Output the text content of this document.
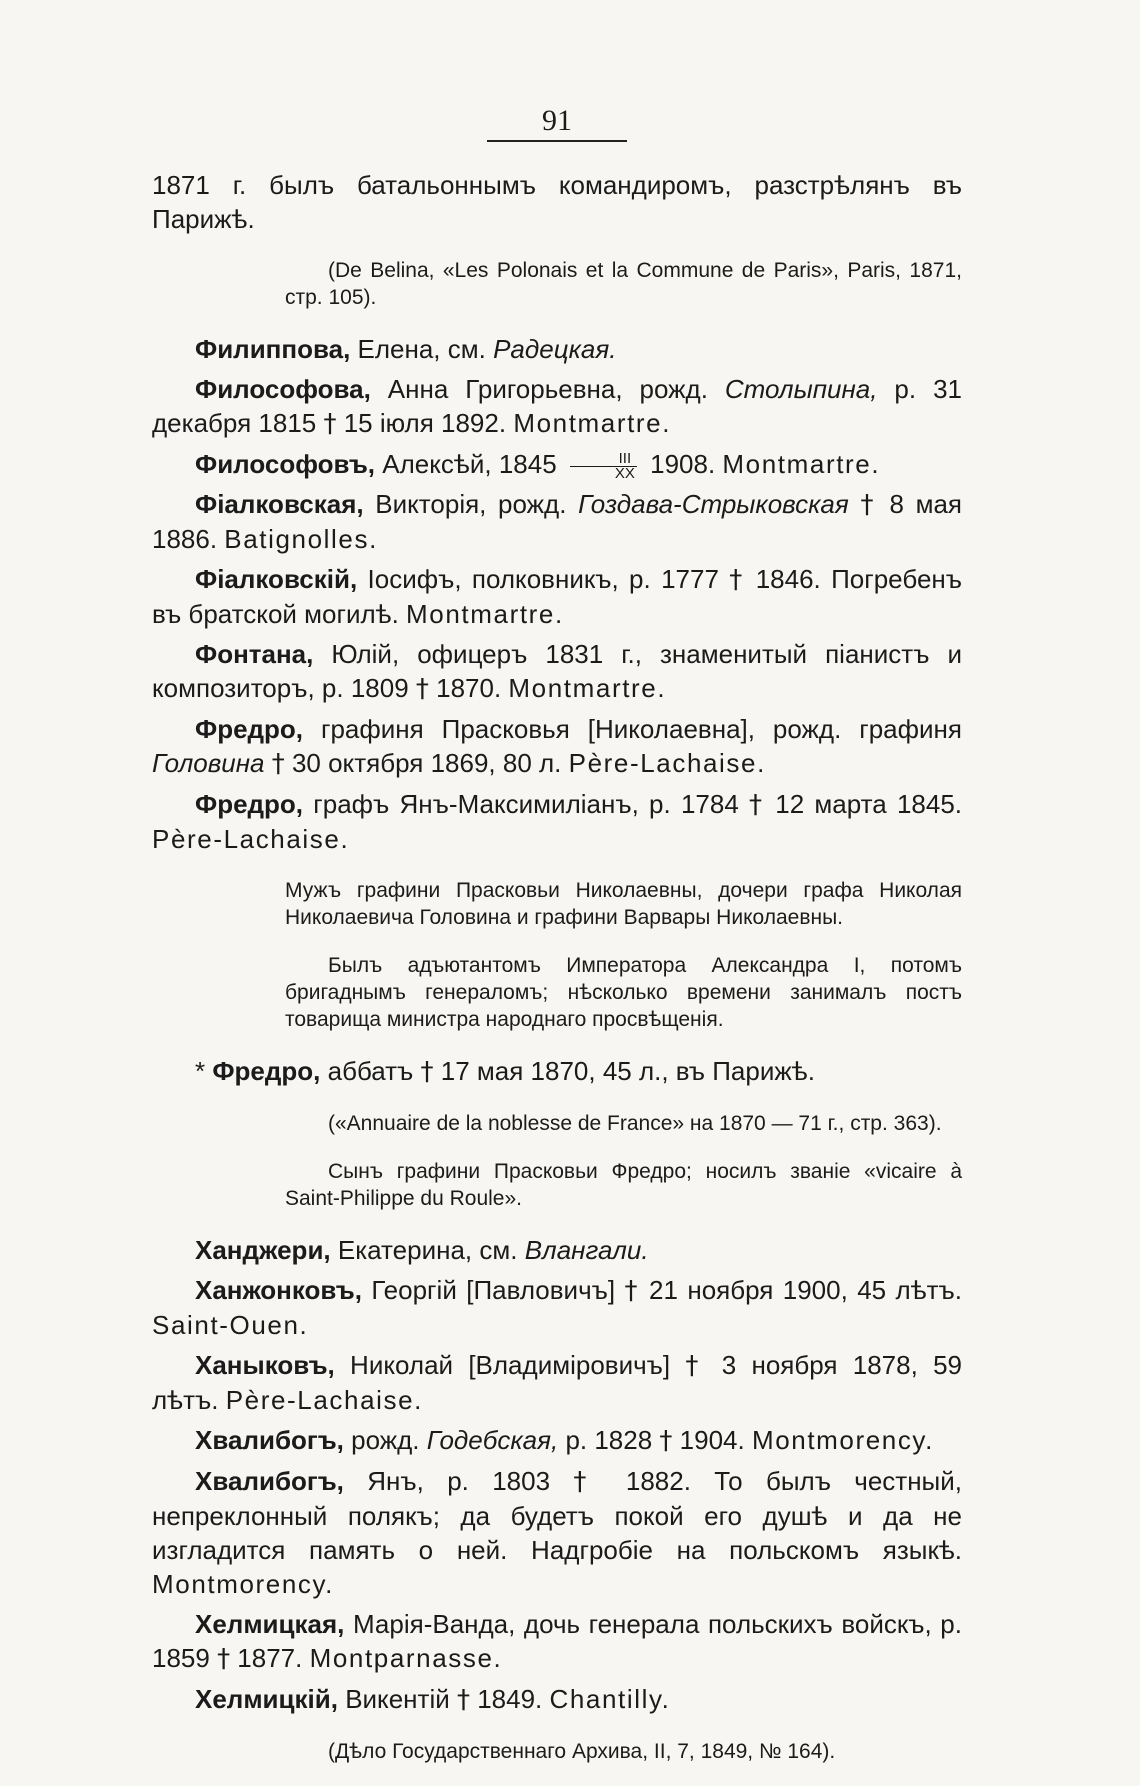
91

1871 г. былъ батальоннымъ командиромъ, разстрѣлянъ въ Парижѣ.

(De Belina, «Les Polonais et la Commune de Paris», Paris, 1871, стр. 105).

Филиппова, Елена, см. Радецкая.

Философова, Анна Григорьевна, рожд. Столыпина, р. 31 декабря 1815 † 15 іюля 1892. Montmartre.

Философовъ, Алексѣй, $1845 \frac{\text{III}}{XX} 1908$. Montmartre.

Фіалковская, Викторія, рожд. Гоздава-Стрыковская † 8 мая 1886. Batignolles.

Фіалковскій, Іосифъ, полковникъ, р. 1777 † 1846. Погребенъ въ братской могилѣ. Montmartre.

Фонтана, Юлій, офицеръ 1831 г., знаменитый піанистъ и композиторъ, р. 1809 † 1870. Montmartre.

Фредро, графиня Прасковья [Николаевна], рожд. графиня Головина † 30 октября 1869, 80 л. Père-Lachaise.

Фредро, графъ Янъ-Максимиліанъ, р. 1784 † 12 марта 1845. Père-Lachaise.

Мужъ графини Прасковьи Николаевны, дочери графа Николая Николаевича Головина и графини Варвары Николаевны.

Былъ адъютантомъ Императора Александра I, потомъ бригаднымъ генераломъ; нѣсколько времени занималъ постъ товарища министра народнаго просвѣщенія.

* Фредро, аббатъ † 17 мая 1870, 45 л., въ Парижѣ.

(«Annuaire de la noblesse de France» на 1870 — 71 г., стр. 363).

Сынъ графини Прасковьи Фредро; носилъ званіе «vicaire à Saint-Philippe du Roule».

Ханджери, Екатерина, см. Влангали.

Ханжонковъ, Георгій [Павловичъ] † 21 ноября 1900, 45 лѣтъ. Saint-Ouen.

Ханыковъ, Николай [Владиміровичъ] † 3 ноября 1878, 59 лѣтъ. Père-Lachaise.

Хвалибогъ, рожд. Годебская, р. 1828 † 1904. Montmorency.

Хвалибогъ, Янъ, р. 1803 † 1882. То былъ честный, непреклонный полякъ; да будетъ покой его душѣ и да не изгладится память о ней. Надгробіе на польскомъ языкѣ. Montmorency.

Хелмицкая, Марія-Ванда, дочь генерала польскихъ войскъ, р. 1859 † 1877. Montparnasse.

Хелмицкій, Викентій † 1849. Chantilly.

(Дѣло Государственнаго Архива, II, 7, 1849, № 164).
